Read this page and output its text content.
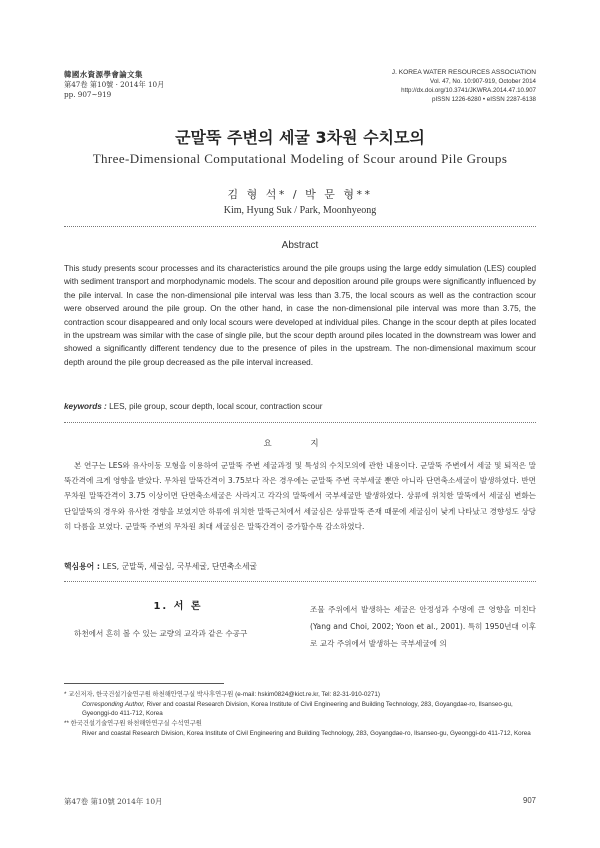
韓國水資源學會論文集
第47卷 第10號 · 2014年 10月
pp. 907~919
J. KOREA WATER RESOURCES ASSOCIATION
Vol. 47, No. 10:907-919, October 2014
http://dx.doi.org/10.3741/JKWRA.2014.47.10.907
pISSN 1226-6280 • eISSN 2287-6138
군말뚝 주변의 세굴 3차원 수치모의
Three-Dimensional Computational Modeling of Scour around Pile Groups
김 형 석* / 박 문 형**
Kim, Hyung Suk / Park, Moonhyeong
Abstract
This study presents scour processes and its characteristics around the pile groups using the large eddy simulation (LES) coupled with sediment transport and morphodynamic models. The scour and deposition around pile groups were significantly influenced by the pile interval. In case the non-dimensional pile interval was less than 3.75, the local scours as well as the contraction scour were observed around the pile group. On the other hand, in case the non-dimensional pile interval was more than 3.75, the contraction scour disappeared and only local scours were developed at individual piles. Change in the scour depth at piles located in the upstream was similar with the case of single pile, but the scour depth around piles located in the downstream was lower and showed a significantly different tendency due to the presence of piles in the upstream. The non-dimensional maximum scour depth around the pile group decreased as the pile interval increased.
keywords : LES, pile group, scour depth, local scour, contraction scour
요 지
본 연구는 LES와 유사이동 모형을 이용하여 군말뚝 주변 세굴과정 및 특성의 수치모의에 관한 내용이다. 군말뚝 주변에서 세굴 및 퇴적은 말뚝간격에 크게 영향을 받았다. 무차원 말뚝간격이 3.75보다 작은 경우에는 군말뚝 주변 국부세굴 뿐만 아니라 단면축소세굴이 발생하였다. 반면 무차원 말뚝간격이 3.75 이상이면 단면축소세굴은 사라지고 각각의 말뚝에서 국부세굴만 발생하였다. 상류에 위치한 말뚝에서 세굴심 변화는 단일말뚝의 경우와 유사한 경향을 보였지만 하류에 위치한 말뚝근처에서 세굴심은 상류말뚝 존재 때문에 세굴심이 낮게 나타났고 경향성도 상당히 다름을 보였다. 군말뚝 주변의 무차원 최대 세굴심은 말뚝간격이 증가할수록 감소하였다.
핵심용어 : LES, 군말뚝, 세굴심, 국부세굴, 단면축소세굴
1. 서 론
하천에서 흔히 볼 수 있는 교량의 교각과 같은 수공구
조물 주위에서 발생하는 세굴은 안정성과 수명에 큰 영향을 미친다(Yang and Choi, 2002; Yoon et al., 2001). 특히 1950년대 이후로 교각 주위에서 발생하는 국부세굴에 의
* 교신저자, 한국건설기술연구원 하천해안연구실 박사후연구원 (e-mail: hskim0824@kict.re.kr, Tel: 82-31-910-0271)
Corresponding Author, River and coastal Research Division, Korea Institute of Civil Engineering and Building Technology, 283, Goyangdae-ro, Ilsanseo-gu, Gyeonggi-do 411-712, Korea
** 한국건설기술연구원 하천해안연구실 수석연구원
River and coastal Research Division, Korea Institute of Civil Engineering and Building Technology, 283, Goyangdae-ro, Ilsanseo-gu, Gyeonggi-do 411-712, Korea
第47卷 第10號 2014年 10月	907
